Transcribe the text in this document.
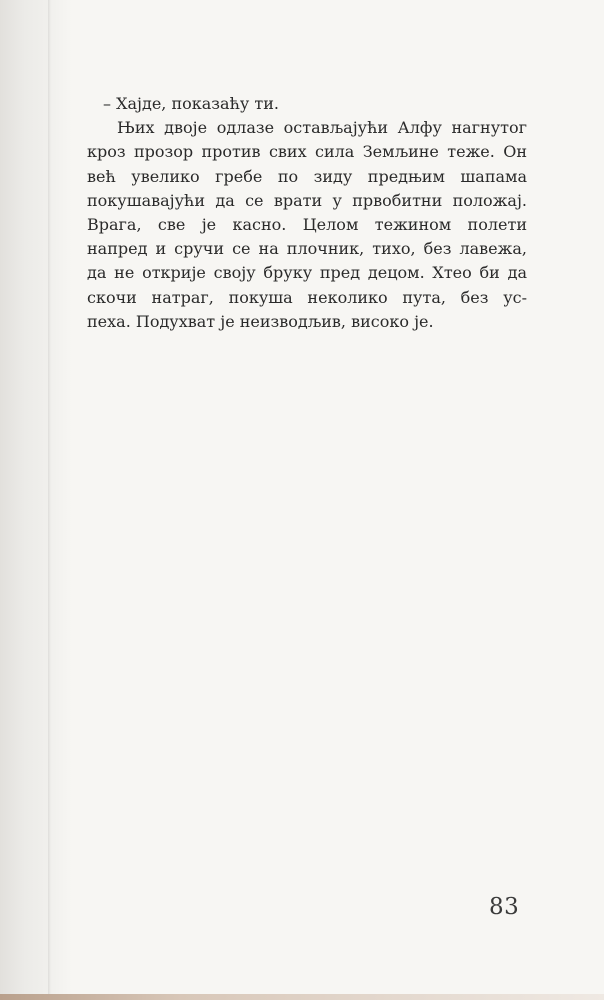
– Хајде, показаћу ти.
Њих двоје одлазе остављајући Алфу нагнутог
кроз прозор против свих сила Земљине теже. Он
већ увелико гребе по зиду предњим шапама
покушавајући да се врати у првобитни положај.
Врага, све је касно. Целом тежином полети
напред и сручи се на плочник, тихо, без лавежа,
да не открије своју бруку пред децом. Хтео би да
скочи натраг, покуша неколико пута, без ус-
пеха. Подухват је неизводљив, високо је.
83
